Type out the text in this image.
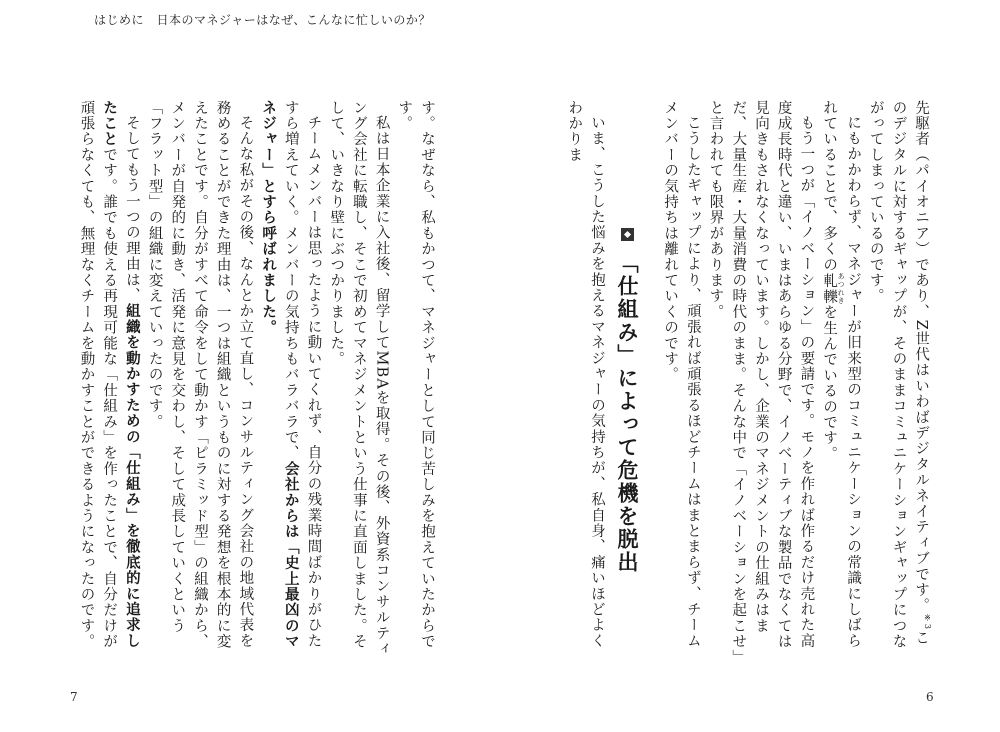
はじめに　日本のマネジャーはなぜ、こんなに忙しいのか？

先駆者（パイオニア）であり、Z世代はいわばデジタルネイティブです。$^{※3}$このデジタルに対するギャップが、そのままコミュニケーションギャップにつながってしまっているのです。

にもかかわらず、マネジャーが旧来型のコミュニケーションの常識にしばられていることで、多くの軋轢 あつれきを生んでいるのです。

もう一つが「イノベーション」の要請です。モノを作れば作るだけ売れた高度成長時代と違い、いまはあらゆる分野で、イノベーティブな製品でなくては見向きもされなくなっています。しかし、企業のマネジメントの仕組みはまだ、大量生産・大量消費の時代のまま。そんな中で「イノベーションを起こせ」と言われても限界があります。

こうしたギャップにより、頑張れば頑張るほどチームはまとまらず、チームメンバーの気持ちは離れていくのです。

「仕組み」によって危機を脱出

いま、こうした悩みを抱えるマネジャーの気持ちが、私自身、痛いほどよくわかりま

す。なぜなら、私もかつて、マネジャーとして同じ苦しみを抱えていたからです。

私は日本企業に入社後、留学してMBAを取得。その後、外資系コンサルティング会社に転職し、そこで初めてマネジメントという仕事に直面しました。そして、いきなり壁にぶつかりました。

チームメンバーは思ったように動いてくれず、自分の残業時間ばかりがひたすら増えていく。メンバーの気持ちもバラバラで、会社からは「史上最凶のマネジャー」とすら呼ばれました。

そんな私がその後、なんとか立て直し、コンサルティング会社の地域代表を務めることができた理由は、一つは組織というものに対する発想を根本的に変えたことです。自分がすべて命令をして動かす「ピラミッド型」の組織から、メンバーが自発的に動き、活発に意見を交わし、そして成長していくという「フラット型」の組織に変えていったのです。

そしてもう一つの理由は、組織を動かすための「仕組み」を徹底的に追求したことです。誰でも使える再現可能な「仕組み」を作ったことで、自分だけが頑張らなくても、無理なくチームを動かすことができるようになったのです。

7	6
